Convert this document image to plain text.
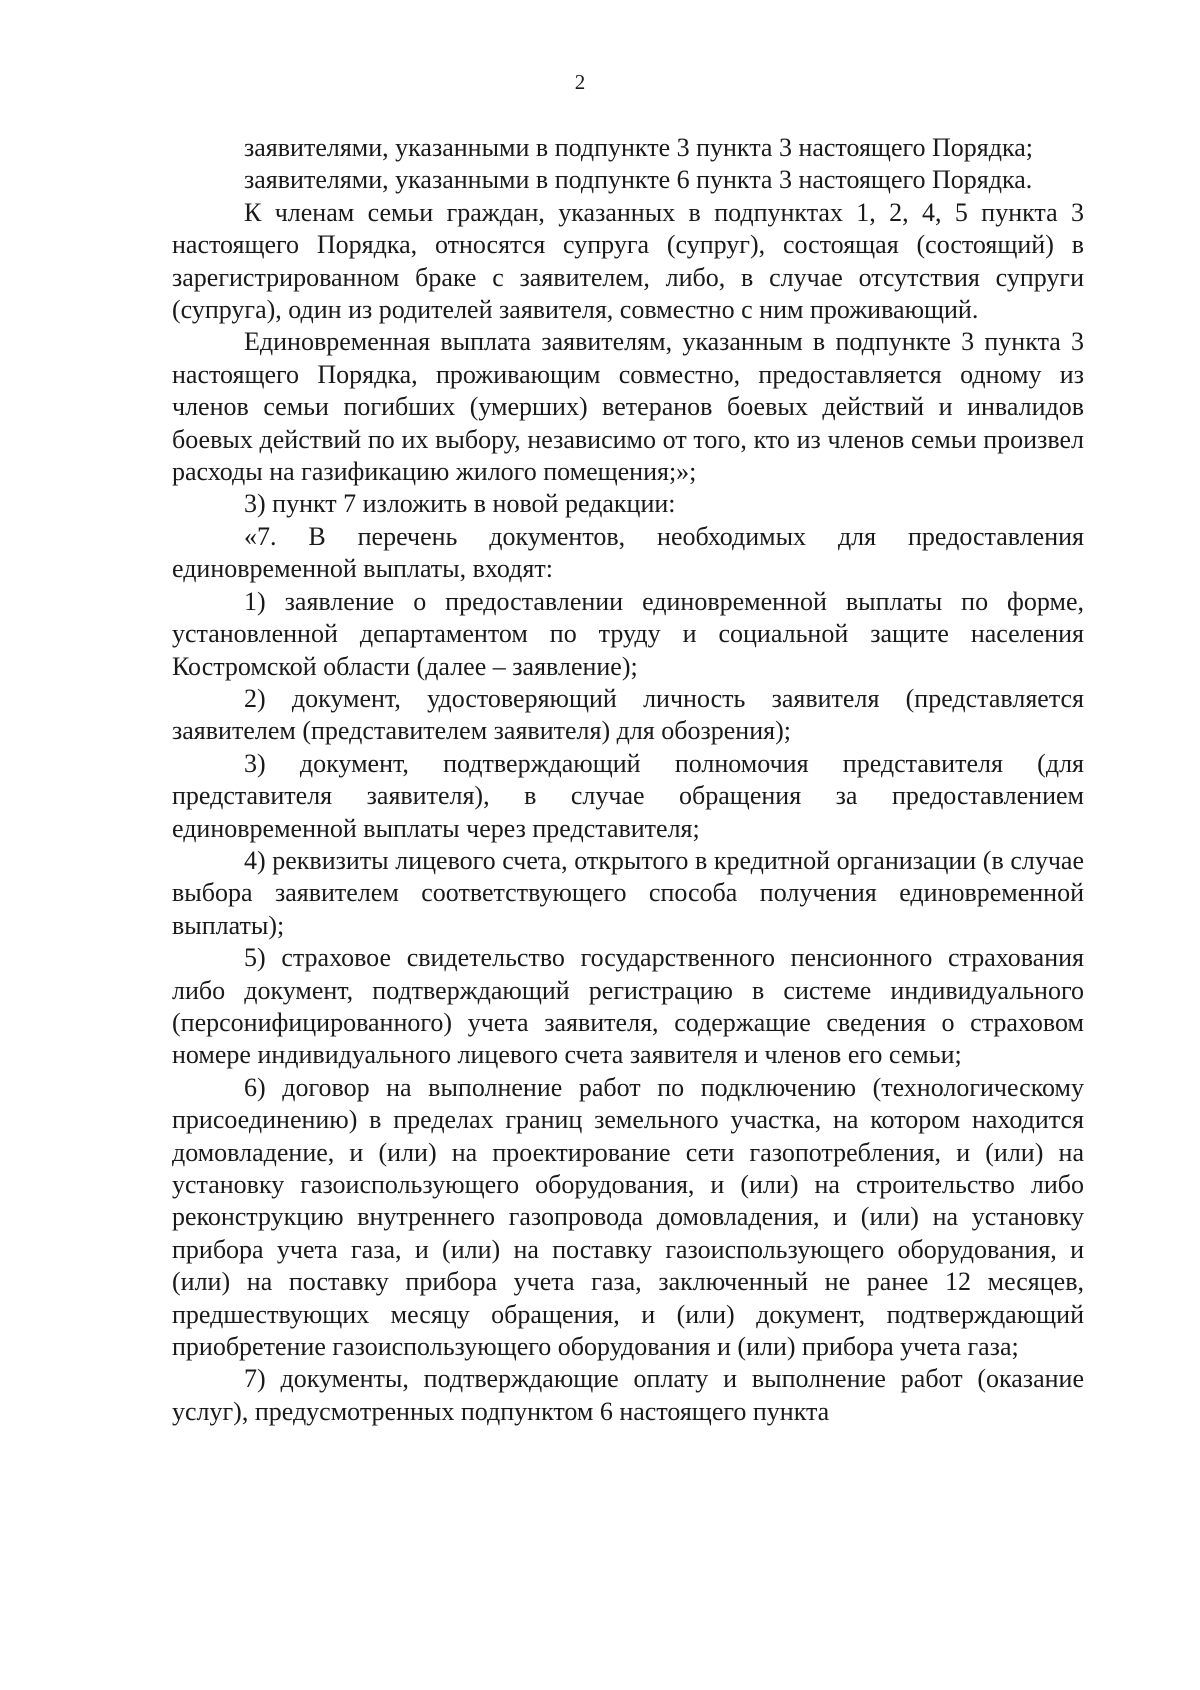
2

заявителями, указанными в подпункте 3 пункта 3 настоящего Порядка;

заявителями, указанными в подпункте 6 пункта 3 настоящего Порядка.

К членам семьи граждан, указанных в подпунктах 1, 2, 4, 5 пункта 3 настоящего Порядка, относятся супруга (супруг), состоящая (состоящий) в зарегистрированном браке с заявителем, либо, в случае отсутствия супруги (супруга), один из родителей заявителя, совместно с ним проживающий.

Единовременная выплата заявителям, указанным в подпункте 3 пункта 3 настоящего Порядка, проживающим совместно, предоставляется одному из членов семьи погибших (умерших) ветеранов боевых действий и инвалидов боевых действий по их выбору, независимо от того, кто из членов семьи произвел расходы на газификацию жилого помещения;»;

3) пункт 7 изложить в новой редакции:

«7. В перечень документов, необходимых для предоставления единовременной выплаты, входят:

1) заявление о предоставлении единовременной выплаты по форме, установленной департаментом по труду и социальной защите населения Костромской области (далее – заявление);

2) документ, удостоверяющий личность заявителя (представляется заявителем (представителем заявителя) для обозрения);

3) документ, подтверждающий полномочия представителя (для представителя заявителя), в случае обращения за предоставлением единовременной выплаты через представителя;

4) реквизиты лицевого счета, открытого в кредитной организации (в случае выбора заявителем соответствующего способа получения единовременной выплаты);

5) страховое свидетельство государственного пенсионного страхования либо документ, подтверждающий регистрацию в системе индивидуального (персонифицированного) учета заявителя, содержащие сведения о страховом номере индивидуального лицевого счета заявителя и членов его семьи;

6) договор на выполнение работ по подключению (технологическому присоединению) в пределах границ земельного участка, на котором находится домовладение, и (или) на проектирование сети газопотребления, и (или) на установку газоиспользующего оборудования, и (или) на строительство либо реконструкцию внутреннего газопровода домовладения, и (или) на установку прибора учета газа, и (или) на поставку газоиспользующего оборудования, и (или) на поставку прибора учета газа, заключенный не ранее 12 месяцев, предшествующих месяцу обращения, и (или) документ, подтверждающий приобретение газоиспользующего оборудования и (или) прибора учета газа;

7) документы, подтверждающие оплату и выполнение работ (оказание услуг), предусмотренных подпунктом 6 настоящего пункта
